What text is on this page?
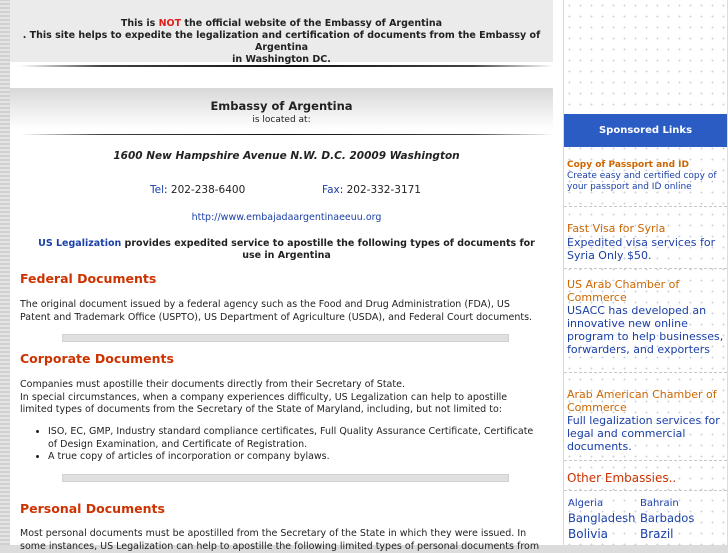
This is NOT the official website of the Embassy of Argentina
. This site helps to expedite the legalization and certification of documents from the Embassy of Argentina
in Washington DC.
Embassy of Argentina
is located at:
1600 New Hampshire Avenue N.W. D.C. 20009 Washington
Tel: 202-238-6400	Fax: 202-332-3171
http://www.embajadaargentinaeeuu.org
US Legalization provides expedited service to apostille the following types of documents for use in Argentina
Federal Documents
The original document issued by a federal agency such as the Food and Drug Administration (FDA), US Patent and Trademark Office (USPTO), US Department of Agriculture (USDA), and Federal Court documents.
Corporate Documents
Companies must apostille their documents directly from their Secretary of State.
In special circumstances, when a company experiences difficulty, US Legalization can help to apostille limited types of documents from the Secretary of the State of Maryland, including, but not limited to:
• ISO, EC, GMP, Industry standard compliance certificates, Full Quality Assurance Certificate, Certificate of Design Examination, and Certificate of Registration.
• A true copy of articles of incorporation or company bylaws.
Personal Documents
Most personal documents must be apostilled from the Secretary of the State in which they were issued. In some instances, US Legalization can help to apostille the following limited types of personal documents from
Sponsored Links
Copy of Passport and ID
Create easy and certified copy of your passport and ID online
Fast Visa for Syria
Expedited visa services for Syria Only $50.
US Arab Chamber of Commerce
USACC has developed an innovative new online program to help businesses, forwarders, and exporters
Arab American Chamber of Commerce
Full legalization services for legal and commercial documents.
Other Embassies..
Algeria	Bahrain
Bangladesh Barbados
Bolivia	Brazil
